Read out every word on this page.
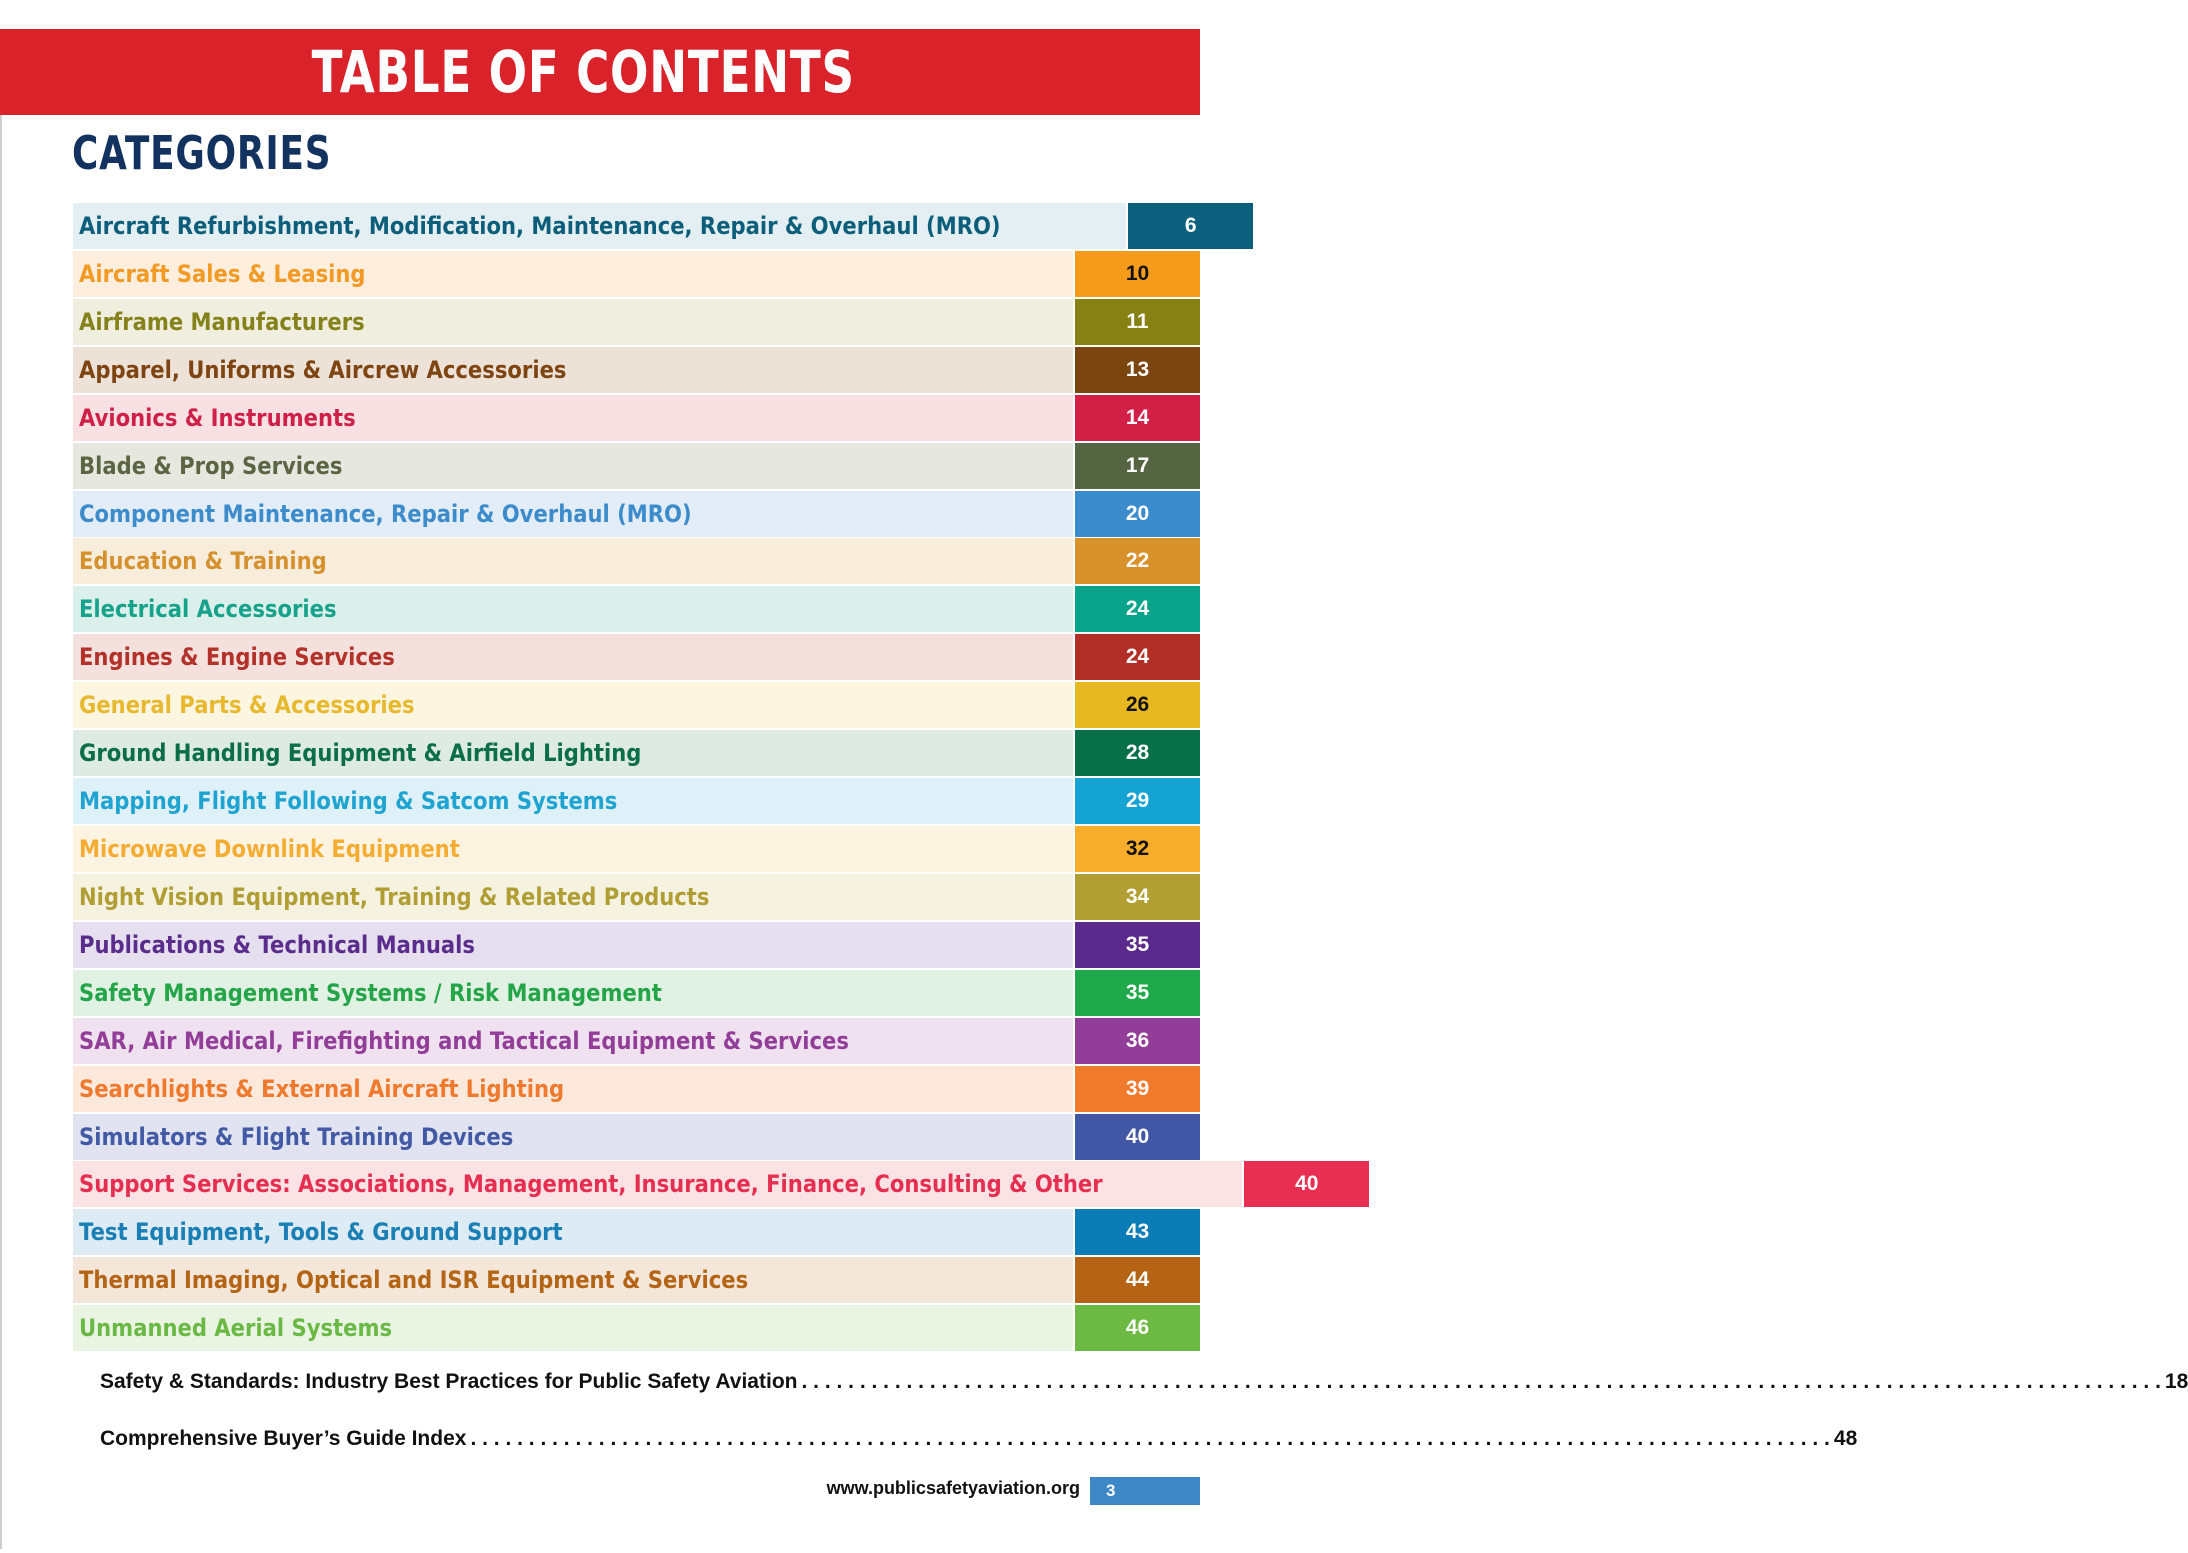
TABLE OF CONTENTS
CATEGORIES
Aircraft Refurbishment, Modification, Maintenance, Repair & Overhaul (MRO)	6
Aircraft Sales & Leasing	10
Airframe Manufacturers	11
Apparel, Uniforms & Aircrew Accessories	13
Avionics & Instruments	14
Blade & Prop Services	17
Component Maintenance, Repair & Overhaul (MRO)	20
Education & Training	22
Electrical Accessories	24
Engines & Engine Services	24
General Parts & Accessories	26
Ground Handling Equipment & Airfield Lighting	28
Mapping, Flight Following & Satcom Systems	29
Microwave Downlink Equipment	32
Night Vision Equipment, Training & Related Products	34
Publications & Technical Manuals	35
Safety Management Systems / Risk Management	35
SAR, Air Medical, Firefighting and Tactical Equipment & Services	36
Searchlights & External Aircraft Lighting	39
Simulators & Flight Training Devices	40
Support Services: Associations, Management, Insurance, Finance, Consulting & Other	40
Test Equipment, Tools & Ground Support	43
Thermal Imaging, Optical and ISR Equipment & Services	44
Unmanned Aerial Systems	46
Safety & Standards: Industry Best Practices for Public Safety Aviation . . .	18
Comprehensive Buyer’s Guide Index . . .	48
www.publicsafetyaviation.org 3
